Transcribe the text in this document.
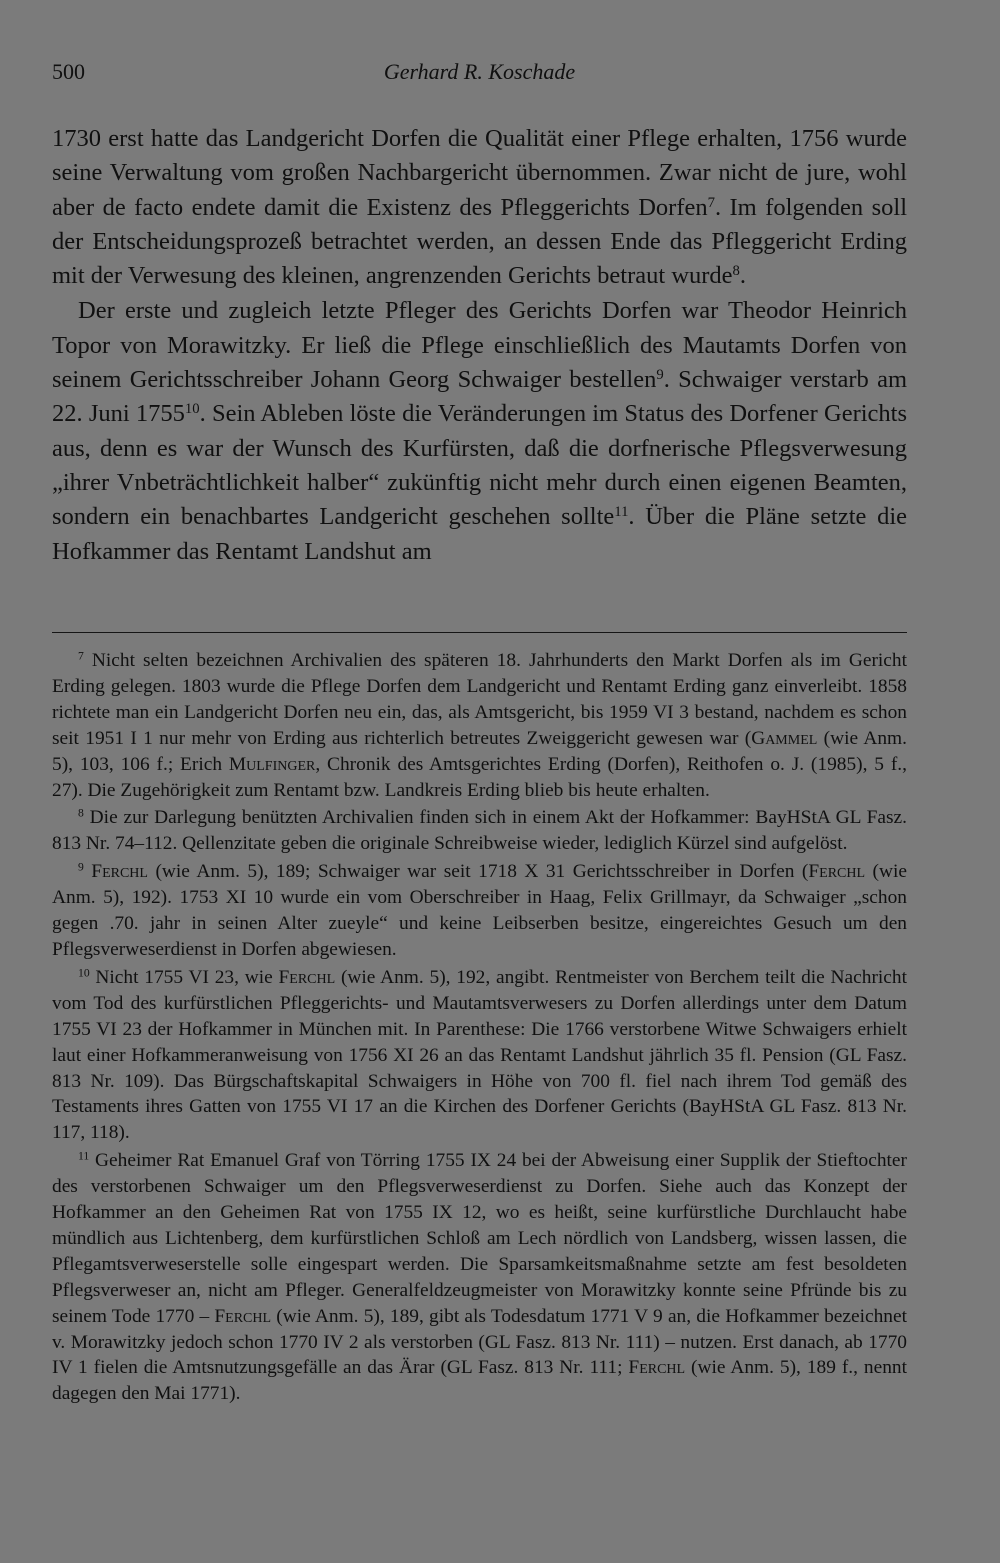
500	Gerhard R. Koschade

1730 erst hatte das Landgericht Dorfen die Qualität einer Pflege erhalten, 1756 wurde seine Verwaltung vom großen Nachbargericht übernommen. Zwar nicht de jure, wohl aber de facto endete damit die Existenz des Pfleggerichts Dorfen$^7$. Im folgenden soll der Entscheidungsprozeß betrachtet werden, an dessen Ende das Pfleggericht Erding mit der Verwesung des kleinen, angrenzenden Gerichts betraut wurde$^8$.

Der erste und zugleich letzte Pfleger des Gerichts Dorfen war Theodor Heinrich Topor von Morawitzky. Er ließ die Pflege einschließlich des Mautamts Dorfen von seinem Gerichtsschreiber Johann Georg Schwaiger bestellen$^9$. Schwaiger verstarb am 22. Juni 1755$^{10}$. Sein Ableben löste die Veränderungen im Status des Dorfener Gerichts aus, denn es war der Wunsch des Kurfürsten, daß die dorfnerische Pflegsverwesung „ihrer Vnbeträchtlichkeit halber“ zukünftig nicht mehr durch einen eigenen Beamten, sondern ein benachbartes Landgericht geschehen sollte$^{11}$. Über die Pläne setzte die Hofkammer das Rentamt Landshut am

$^7$ Nicht selten bezeichnen Archivalien des späteren 18. Jahrhunderts den Markt Dorfen als im Gericht Erding gelegen. 1803 wurde die Pflege Dorfen dem Landgericht und Rentamt Erding ganz einverleibt. 1858 richtete man ein Landgericht Dorfen neu ein, das, als Amtsgericht, bis 1959 VI 3 bestand, nachdem es schon seit 1951 I 1 nur mehr von Erding aus richterlich betreutes Zweiggericht gewesen war (Gammel (wie Anm. 5), 103, 106 f.; Erich Mulfinger, Chronik des Amtsgerichtes Erding (Dorfen), Reithofen o. J. (1985), 5 f., 27). Die Zugehörigkeit zum Rentamt bzw. Landkreis Erding blieb bis heute erhalten.

$^8$ Die zur Darlegung benützten Archivalien finden sich in einem Akt der Hofkammer: BayHStA GL Fasz. 813 Nr. 74–112. Qellenzitate geben die originale Schreibweise wieder, lediglich Kürzel sind aufgelöst.

$^9$ Ferchl (wie Anm. 5), 189; Schwaiger war seit 1718 X 31 Gerichtsschreiber in Dorfen (Ferchl (wie Anm. 5), 192). 1753 XI 10 wurde ein vom Oberschreiber in Haag, Felix Grillmayr, da Schwaiger „schon gegen .70. jahr in seinen Alter zueyle“ und keine Leibserben besitze, eingereichtes Gesuch um den Pflegsverweserdienst in Dorfen abgewiesen.

$^{10}$ Nicht 1755 VI 23, wie Ferchl (wie Anm. 5), 192, angibt. Rentmeister von Berchem teilt die Nachricht vom Tod des kurfürstlichen Pfleggerichts- und Mautamtsverwesers zu Dorfen allerdings unter dem Datum 1755 VI 23 der Hofkammer in München mit. In Parenthese: Die 1766 verstorbene Witwe Schwaigers erhielt laut einer Hofkammeranweisung von 1756 XI 26 an das Rentamt Landshut jährlich 35 fl. Pension (GL Fasz. 813 Nr. 109). Das Bürgschaftskapital Schwaigers in Höhe von 700 fl. fiel nach ihrem Tod gemäß des Testaments ihres Gatten von 1755 VI 17 an die Kirchen des Dorfener Gerichts (BayHStA GL Fasz. 813 Nr. 117, 118).

$^{11}$ Geheimer Rat Emanuel Graf von Törring 1755 IX 24 bei der Abweisung einer Supplik der Stieftochter des verstorbenen Schwaiger um den Pflegsverweserdienst zu Dorfen. Siehe auch das Konzept der Hofkammer an den Geheimen Rat von 1755 IX 12, wo es heißt, seine kurfürstliche Durchlaucht habe mündlich aus Lichtenberg, dem kurfürstlichen Schloß am Lech nördlich von Landsberg, wissen lassen, die Pflegamtsverweserstelle solle eingespart werden. Die Sparsamkeitsmaßnahme setzte am fest besoldeten Pflegsverweser an, nicht am Pfleger. Generalfeldzeugmeister von Morawitzky konnte seine Pfründe bis zu seinem Tode 1770 – Ferchl (wie Anm. 5), 189, gibt als Todesdatum 1771 V 9 an, die Hofkammer bezeichnet v. Morawitzky jedoch schon 1770 IV 2 als verstorben (GL Fasz. 813 Nr. 111) – nutzen. Erst danach, ab 1770 IV 1 fielen die Amtsnutzungsgefälle an das Ärar (GL Fasz. 813 Nr. 111; Ferchl (wie Anm. 5), 189 f., nennt dagegen den Mai 1771).
